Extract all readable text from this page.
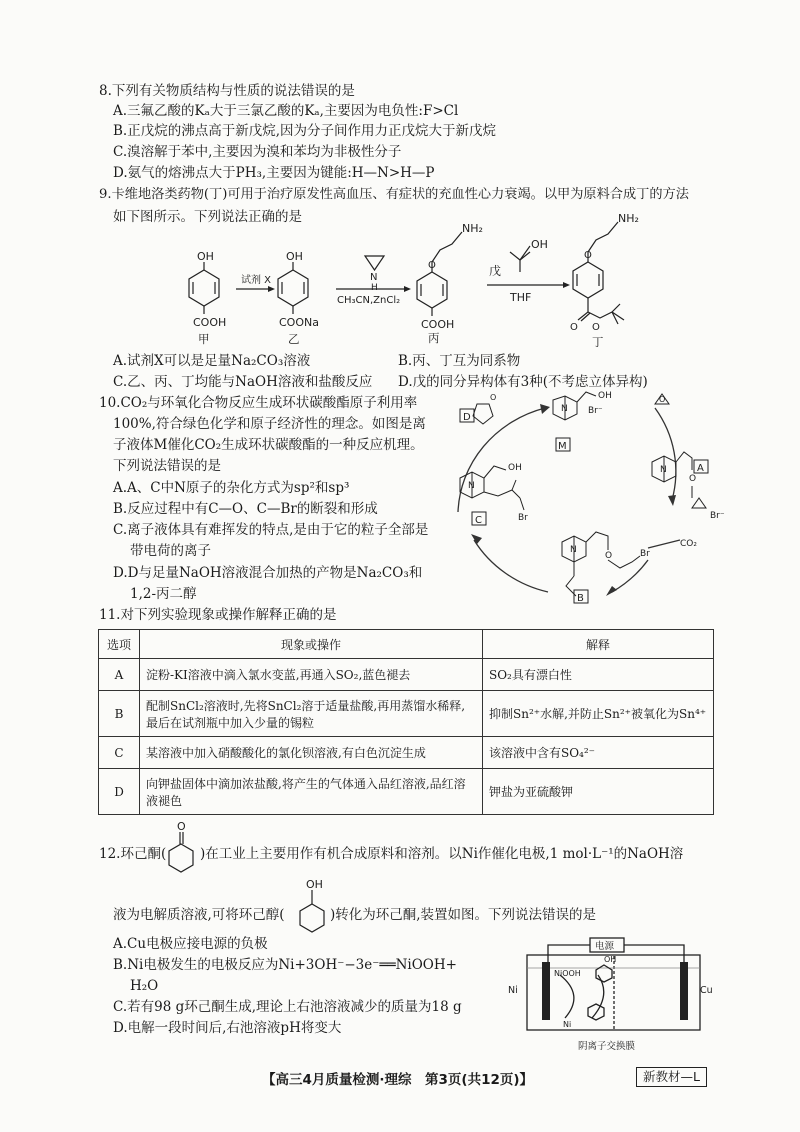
8.下列有关物质结构与性质的说法错误的是
A.三氟乙酸的Kₐ大于三氯乙酸的Kₐ,主要因为电负性:F>Cl
B.正戊烷的沸点高于新戊烷,因为分子间作用力正戊烷大于新戊烷
C.溴溶解于苯中,主要因为溴和苯均为非极性分子
D.氨气的熔沸点大于PH₃,主要因为键能:H—N>H—P
9.卡维地洛类药物(丁)可用于治疗原发性高血压、有症状的充血性心力衰竭。以甲为原料合成丁的方法
如下图所示。下列说法正确的是
OH
COOH
甲
OH
COONa
乙
试剂 X	N
H
CH₃CN,ZnCl₂
O
NH₂
COOH
丙
戊
OH
THF
O
NH₂
O O
丁
A.试剂X可以是足量Na₂CO₃溶液	B.丙、丁互为同系物
C.乙、丙、丁均能与NaOH溶液和盐酸反应 D.戊的同分异构体有3种(不考虑立体异构)
10.CO₂与环氧化合物反应生成环状碳酸酯原子利用率
100%,符合绿色化学和原子经济性的理念。如图是离
子液体M催化CO₂生成环状碳酸酯的一种反应机理。
下列说法错误的是
A.A、C中N原子的杂化方式为sp²和sp³
B.反应过程中有C—O、C—Br的断裂和形成
C.离子液体具有难挥发的特点,是由于它的粒子全部是
带电荷的离子
D.D与足量NaOH溶液混合加热的产物是Na₂CO₃和
1,2-丙二醇
N
OH
Br⁻
O
N
O
Br⁻
CO₂
N
O	Br
N
OH
Br
O
M
A
B
C
D
11.对下列实验现象或操作解释正确的是
选项	现象或操作	解释
A	淀粉-KI溶液中滴入氯水变蓝,再通入SO₂,蓝色褪去	SO₂具有漂白性
B	配制SnCl₂溶液时,先将SnCl₂溶于适量盐酸,再用蒸馏水稀释,最后在试剂瓶中加入少量的锡粒	抑制Sn²⁺水解,并防止Sn²⁺被氧化为Sn⁴⁺
C	某溶液中加入硝酸酸化的氯化钡溶液,有白色沉淀生成	该溶液中含有SO₄²⁻
D	向钾盐固体中滴加浓盐酸,将产生的气体通入品红溶液,品红溶液褪色	钾盐为亚硫酸钾
12.环己酮(	)在工业上主要用作有机合成原料和溶剂。以Ni作催化电极,1 mol·L⁻¹的NaOH溶
液为电解质溶液,可将环己醇(	)转化为环己酮,装置如图。下列说法错误的是
O
OH
A.Cu电极应接电源的负极
B.Ni电极发生的电极反应为Ni+3OH⁻−3e⁻══NiOOH+
H₂O
C.若有98 g环己酮生成,理论上右池溶液减少的质量为18 g
D.电解一段时间后,右池溶液pH将变大
电源
Ni	Cu
NiOOH
Ni
OH
阴离子交换膜
【高三4月质量检测·理综　第3页(共12页)】	新教材—L
